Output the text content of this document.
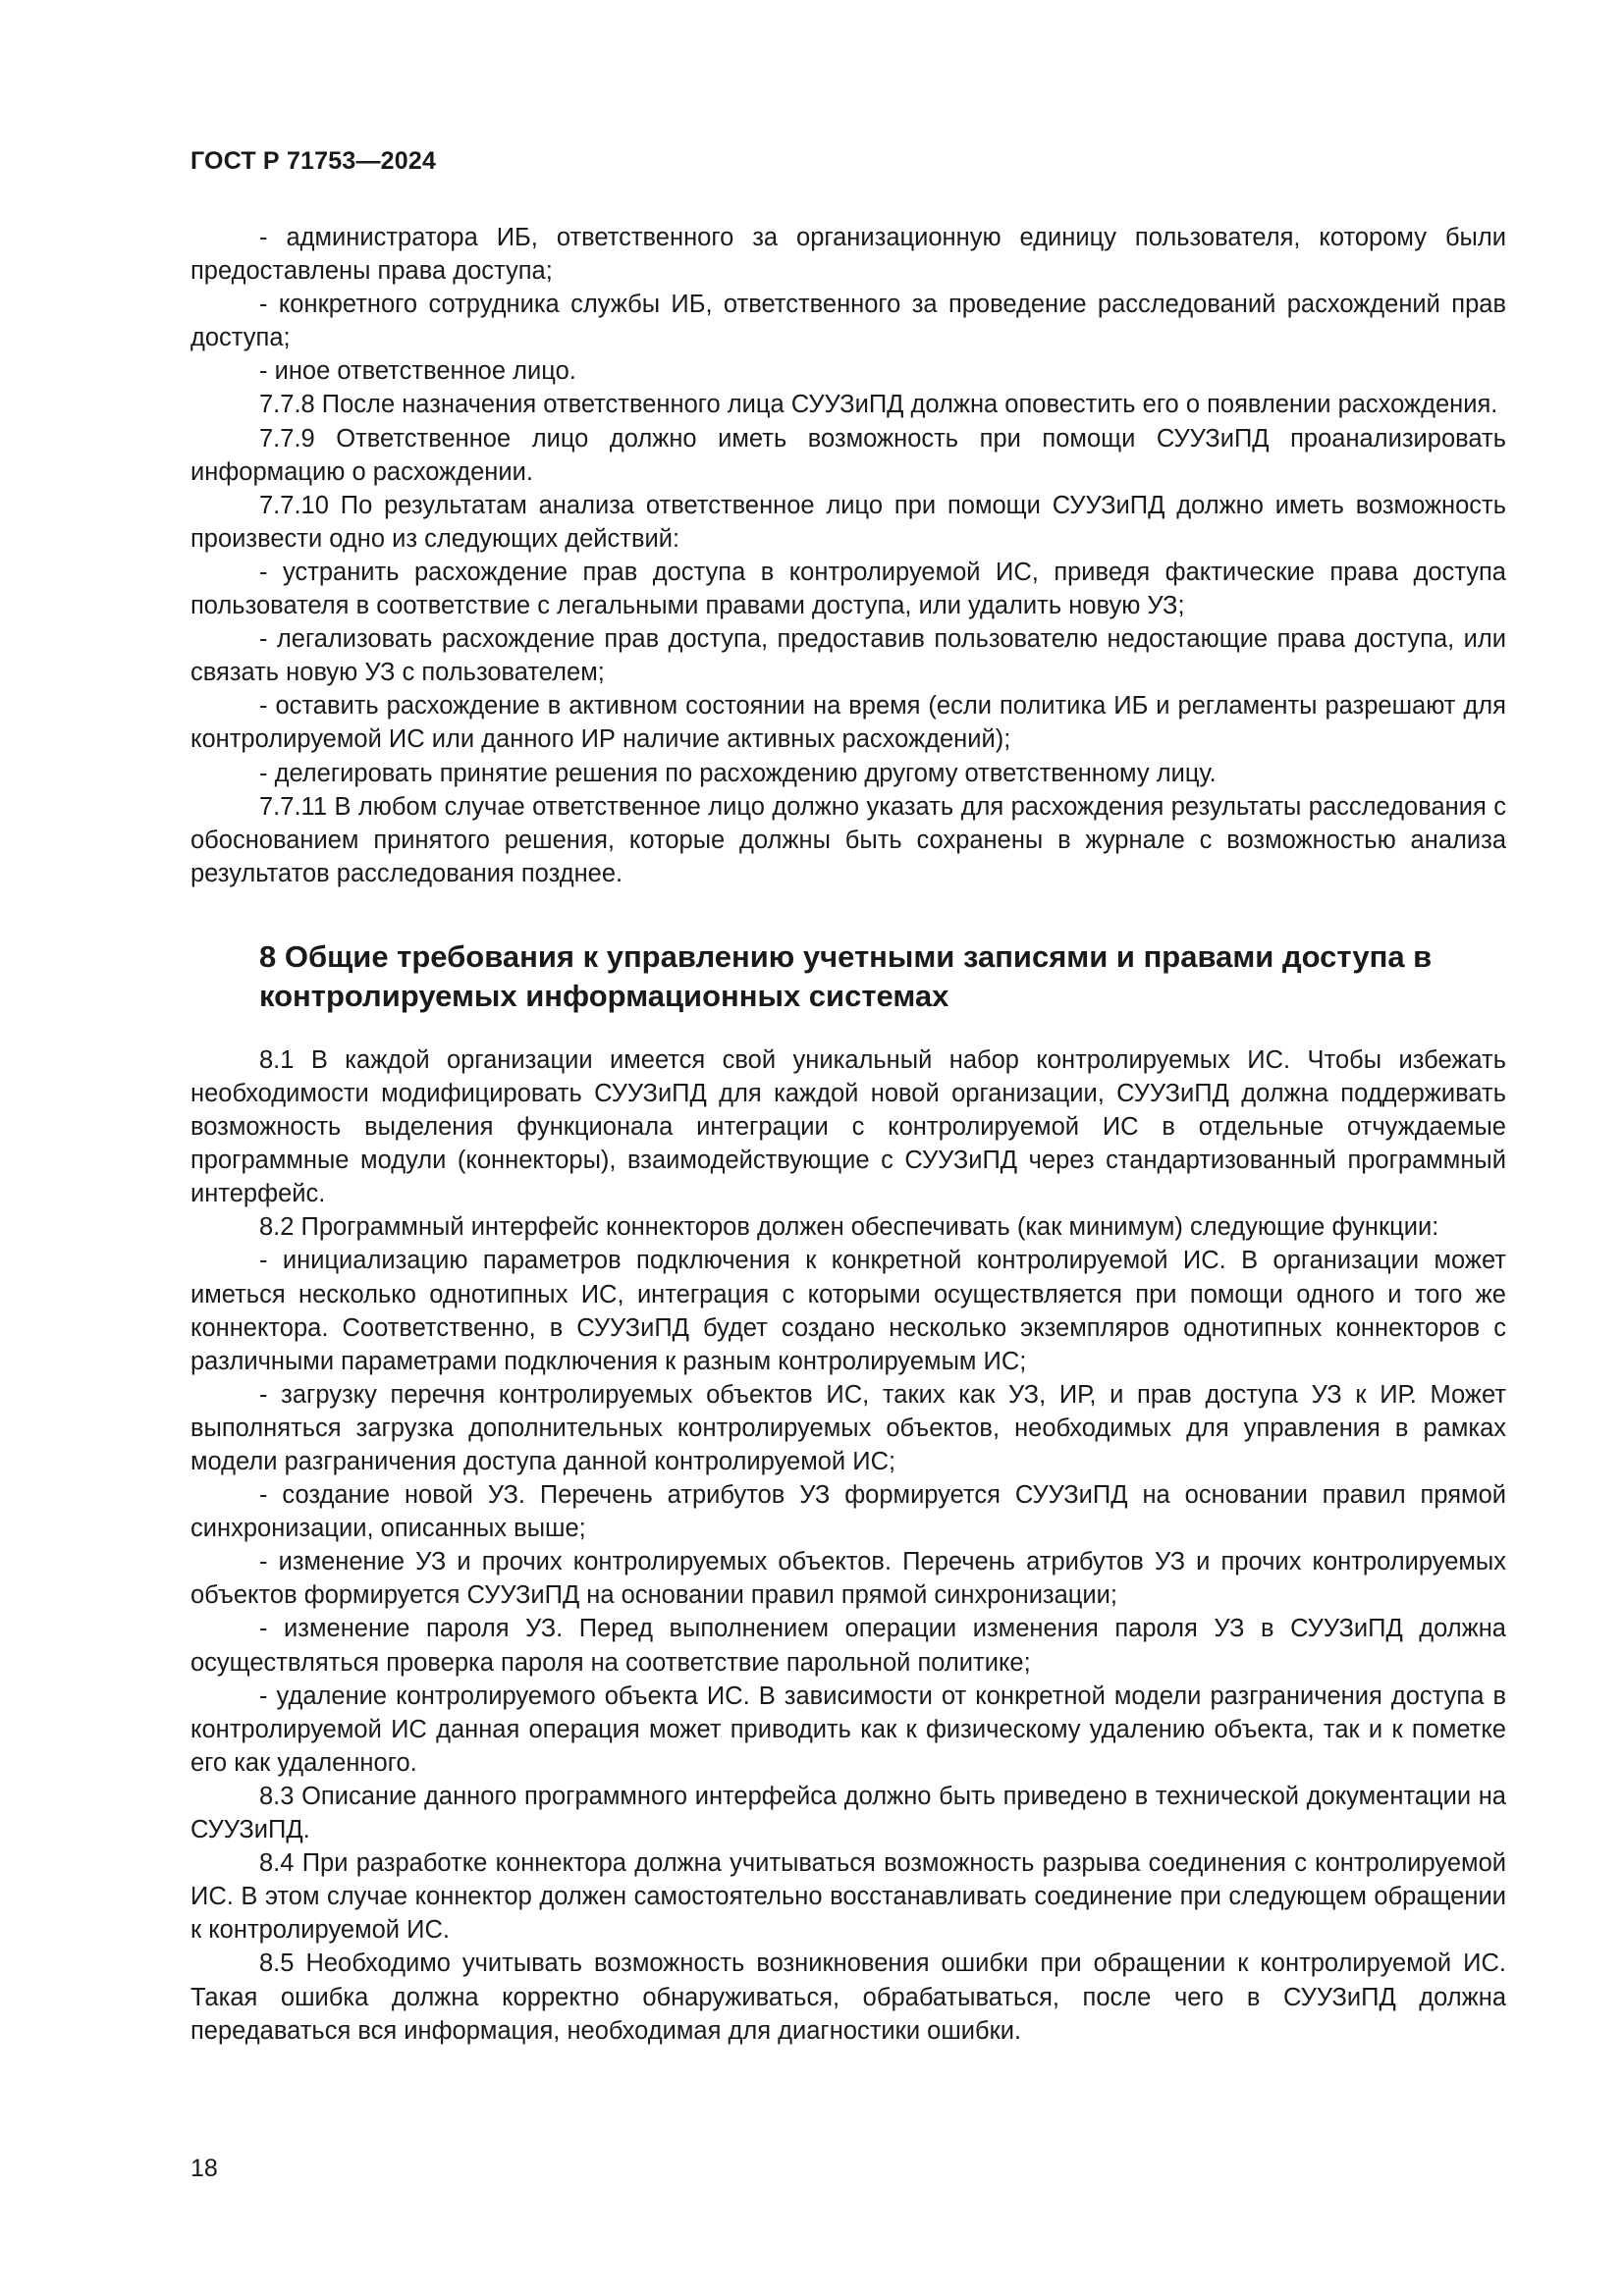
ГОСТ Р 71753—2024

- администратора ИБ, ответственного за организационную единицу пользователя, которому были предоставлены права доступа;

- конкретного сотрудника службы ИБ, ответственного за проведение расследований расхождений прав доступа;

- иное ответственное лицо.

7.7.8 После назначения ответственного лица СУУЗиПД должна оповестить его о появлении расхождения.

7.7.9 Ответственное лицо должно иметь возможность при помощи СУУЗиПД проанализировать информацию о расхождении.

7.7.10 По результатам анализа ответственное лицо при помощи СУУЗиПД должно иметь возможность произвести одно из следующих действий:

- устранить расхождение прав доступа в контролируемой ИС, приведя фактические права доступа пользователя в соответствие с легальными правами доступа, или удалить новую УЗ;

- легализовать расхождение прав доступа, предоставив пользователю недостающие права доступа, или связать новую УЗ с пользователем;

- оставить расхождение в активном состоянии на время (если политика ИБ и регламенты разрешают для контролируемой ИС или данного ИР наличие активных расхождений);

- делегировать принятие решения по расхождению другому ответственному лицу.

7.7.11 В любом случае ответственное лицо должно указать для расхождения результаты расследования с обоснованием принятого решения, которые должны быть сохранены в журнале с возможностью анализа результатов расследования позднее.

8 Общие требования к управлению учетными записями и правами доступа в контролируемых информационных системах

8.1 В каждой организации имеется свой уникальный набор контролируемых ИС. Чтобы избежать необходимости модифицировать СУУЗиПД для каждой новой организации, СУУЗиПД должна поддерживать возможность выделения функционала интеграции с контролируемой ИС в отдельные отчуждаемые программные модули (коннекторы), взаимодействующие с СУУЗиПД через стандартизованный программный интерфейс.

8.2 Программный интерфейс коннекторов должен обеспечивать (как минимум) следующие функции:

- инициализацию параметров подключения к конкретной контролируемой ИС. В организации может иметься несколько однотипных ИС, интеграция с которыми осуществляется при помощи одного и того же коннектора. Соответственно, в СУУЗиПД будет создано несколько экземпляров однотипных коннекторов с различными параметрами подключения к разным контролируемым ИС;

- загрузку перечня контролируемых объектов ИС, таких как УЗ, ИР, и прав доступа УЗ к ИР. Может выполняться загрузка дополнительных контролируемых объектов, необходимых для управления в рамках модели разграничения доступа данной контролируемой ИС;

- создание новой УЗ. Перечень атрибутов УЗ формируется СУУЗиПД на основании правил прямой синхронизации, описанных выше;

- изменение УЗ и прочих контролируемых объектов. Перечень атрибутов УЗ и прочих контролируемых объектов формируется СУУЗиПД на основании правил прямой синхронизации;

- изменение пароля УЗ. Перед выполнением операции изменения пароля УЗ в СУУЗиПД должна осуществляться проверка пароля на соответствие парольной политике;

- удаление контролируемого объекта ИС. В зависимости от конкретной модели разграничения доступа в контролируемой ИС данная операция может приводить как к физическому удалению объекта, так и к пометке его как удаленного.

8.3 Описание данного программного интерфейса должно быть приведено в технической документации на СУУЗиПД.

8.4 При разработке коннектора должна учитываться возможность разрыва соединения с контролируемой ИС. В этом случае коннектор должен самостоятельно восстанавливать соединение при следующем обращении к контролируемой ИС.

8.5 Необходимо учитывать возможность возникновения ошибки при обращении к контролируемой ИС. Такая ошибка должна корректно обнаруживаться, обрабатываться, после чего в СУУЗиПД должна передаваться вся информация, необходимая для диагностики ошибки.

18
